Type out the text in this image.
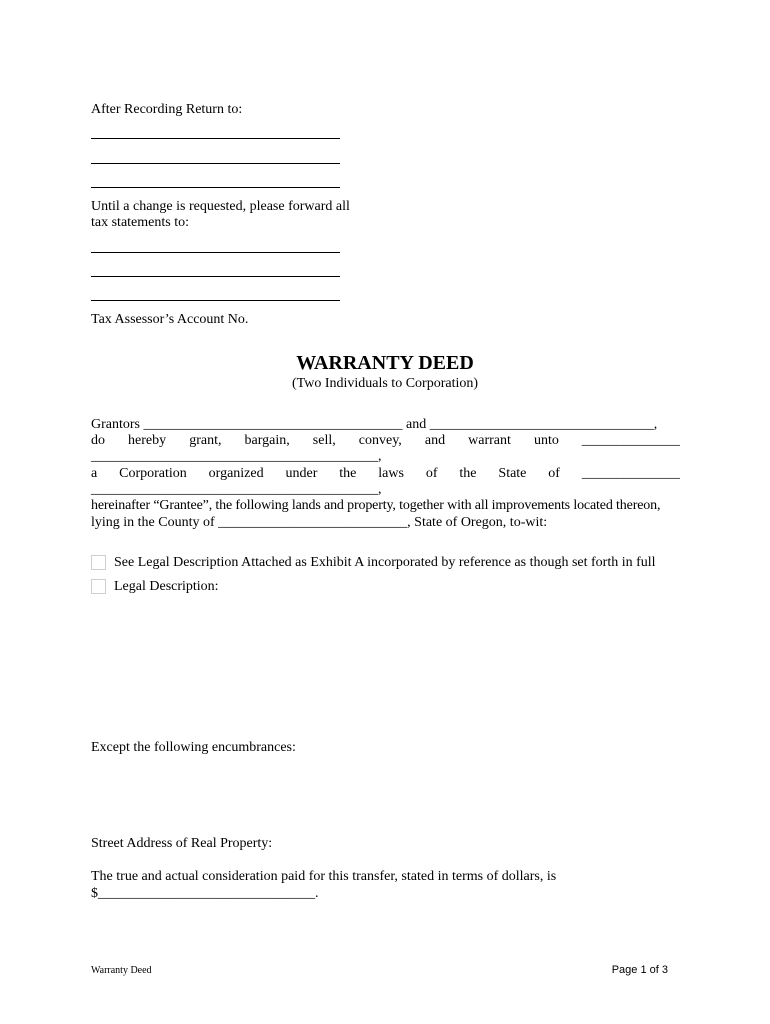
After Recording Return to:
Until a change is requested, please forward all
tax statements to:
Tax Assessor’s Account No.
WARRANTY DEED
(Two Individuals to Corporation)
Grantors _____________________________________ and ________________________________,
do hereby grant, bargain, sell, convey, and warrant unto ______________
_________________________________________,
a Corporation organized under the laws of the State of ______________
_________________________________________,
hereinafter “Grantee”, the following lands and property, together with all improvements located thereon,
lying in the County of ___________________________, State of Oregon, to-wit:
See Legal Description Attached as Exhibit A incorporated by reference as though set forth in full
Legal Description:
Except the following encumbrances:
Street Address of Real Property:
The true and actual consideration paid for this transfer, stated in terms of dollars, is
$_______________________________.
Warranty Deed	Page 1 of 3
